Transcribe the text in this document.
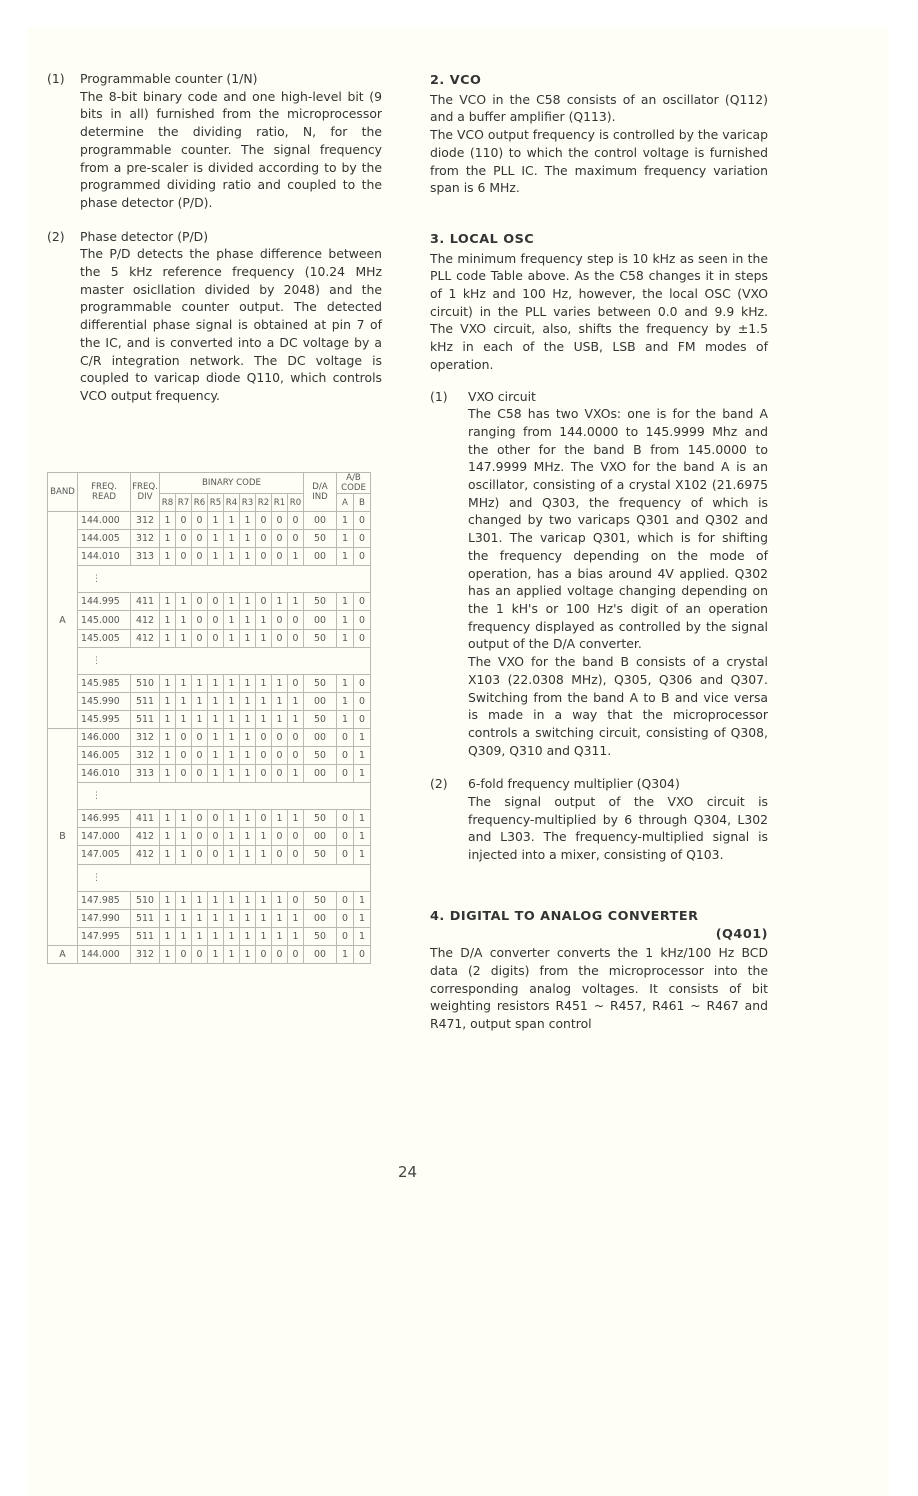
(1) Programmable counter (1/N)

The 8-bit binary code and one high-level bit (9 bits in all) furnished from the microprocessor determine the dividing ratio, N, for the programmable counter. The signal frequency from a pre-scaler is divided according to by the programmed dividing ratio and coupled to the phase detector (P/D).

(2) Phase detector (P/D)

The P/D detects the phase difference between the 5 kHz reference frequency (10.24 MHz master osicllation divided by 2048) and the programmable counter output. The detected differential phase signal is obtained at pin 7 of the IC, and is converted into a DC voltage by a C/R integration network. The DC voltage is coupled to varicap diode Q110, which controls VCO output frequency.

BAND	FREQ. READ	FREQ. DIV	BINARY CODE									D/A IND	A/B CODE	
			R8	R7	R6	R5	R4	R3	R2	R1	R0		A	B
A	144.000	312	1	0	0	1	1	1	0	0	0	00	1	0
	144.005	312	1	0	0	1	1	1	0	0	0	50	1	0
	144.010	313	1	0	0	1	1	1	0	0	1	00	1	0
	⋮													
	144.995	411	1	1	0	0	1	1	0	1	1	50	1	0
	145.000	412	1	1	0	0	1	1	1	0	0	00	1	0
	145.005	412	1	1	0	0	1	1	1	0	0	50	1	0
	⋮													
	145.985	510	1	1	1	1	1	1	1	1	0	50	1	0
	145.990	511	1	1	1	1	1	1	1	1	1	00	1	0
	145.995	511	1	1	1	1	1	1	1	1	1	50	1	0
B	146.000	312	1	0	0	1	1	1	0	0	0	00	0	1
	146.005	312	1	0	0	1	1	1	0	0	0	50	0	1
	146.010	313	1	0	0	1	1	1	0	0	1	00	0	1
	⋮													
	146.995	411	1	1	0	0	1	1	0	1	1	50	0	1
	147.000	412	1	1	0	0	1	1	1	0	0	00	0	1
	147.005	412	1	1	0	0	1	1	1	0	0	50	0	1
	⋮													
	147.985	510	1	1	1	1	1	1	1	1	0	50	0	1
	147.990	511	1	1	1	1	1	1	1	1	1	00	0	1
	147.995	511	1	1	1	1	1	1	1	1	1	50	0	1
A	144.000	312	1	0	0	1	1	1	0	0	0	00	1	0
2. VCO

The VCO in the C58 consists of an oscillator (Q112) and a buffer amplifier (Q113).

The VCO output frequency is controlled by the varicap diode (110) to which the control voltage is furnished from the PLL IC. The maximum frequency variation span is 6 MHz.

3. LOCAL OSC

The minimum frequency step is 10 kHz as seen in the PLL code Table above. As the C58 changes it in steps of 1 kHz and 100 Hz, however, the local OSC (VXO circuit) in the PLL varies between 0.0 and 9.9 kHz. The VXO circuit, also, shifts the frequency by ±1.5 kHz in each of the USB, LSB and FM modes of operation.

(1) VXO circuit

The C58 has two VXOs: one is for the band A ranging from 144.0000 to 145.9999 Mhz and the other for the band B from 145.0000 to 147.9999 MHz. The VXO for the band A is an oscillator, consisting of a crystal X102 (21.6975 MHz) and Q303, the frequency of which is changed by two varicaps Q301 and Q302 and L301. The varicap Q301, which is for shifting the frequency depending on the mode of operation, has a bias around 4V applied. Q302 has an applied voltage changing depending on the 1 kH's or 100 Hz's digit of an operation frequency displayed as controlled by the signal output of the D/A converter.

The VXO for the band B consists of a crystal X103 (22.0308 MHz), Q305, Q306 and Q307. Switching from the band A to B and vice versa is made in a way that the microprocessor controls a switching circuit, consisting of Q308, Q309, Q310 and Q311.

(2) 6-fold frequency multiplier (Q304)

The signal output of the VXO circuit is frequency-multiplied by 6 through Q304, L302 and L303. The frequency-multiplied signal is injected into a mixer, consisting of Q103.

4. DIGITAL TO ANALOG CONVERTER
(Q401)

The D/A converter converts the 1 kHz/100 Hz BCD data (2 digits) from the microprocessor into the corresponding analog voltages. It consists of bit weighting resistors R451 ~ R457, R461 ~ R467 and R471, output span control

24
